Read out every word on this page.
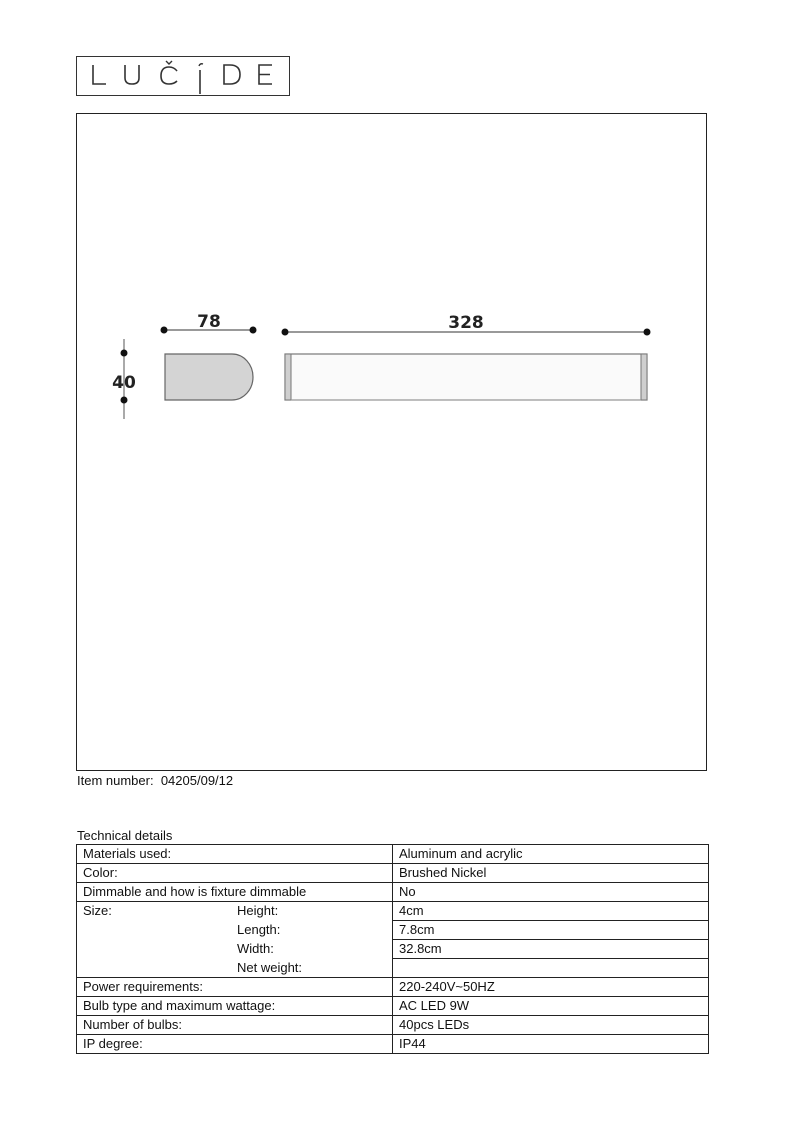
78	328
40
Item number: 04205/09/12
Technical details
Materials used:	Aluminum and acrylic
Color:	Brushed Nickel
Dimmable and how is fixture dimmable	No
Size: Height:	4cm

Length:	7.8cm

Width:	32.8cm

Net weight:	

Power requirements:	220-240V~50HZ
Bulb type and maximum wattage:	AC LED 9W
Number of bulbs:	40pcs LEDs
IP degree:	IP44
